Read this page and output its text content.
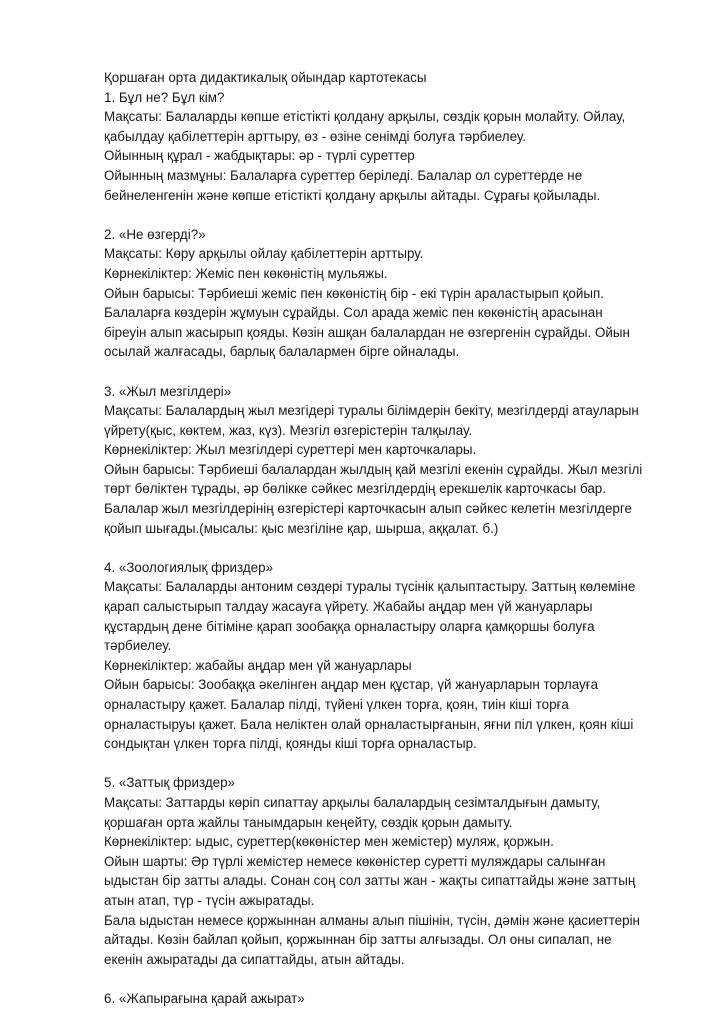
Қоршаған орта дидактикалық ойындар картотекасы
1. Бұл не? Бұл кім?
Мақсаты: Балаларды көпше етістікті қолдану арқылы, сөздік қорын молайту. Ойлау,
қабылдау қабілеттерін арттыру, өз - өзіне сенімді болуға тәрбиелеу.
Ойынның құрал - жабдықтары: әр - түрлі суреттер
Ойынның мазмұны: Балаларға суреттер беріледі. Балалар ол суреттерде не
бейнеленгенін және көпше етістікті қолдану арқылы айтады. Сұрағы қойылады.
2. «Не өзгерді?»
Мақсаты: Көру арқылы ойлау қабілеттерін арттыру.
Көрнекіліктер: Жеміс пен көкөністің мульяжы.
Ойын барысы: Тәрбиеші жеміс пен көкөністің бір - екі түрін араластырып қойып.
Балаларға көздерін жұмуын сұрайды. Сол арада жеміс пен көкөністің арасынан
біреуін алып жасырып қояды. Көзін ашқан балалардан не өзгергенін сұрайды. Ойын
осылай жалғасады, барлық балалармен бірге ойналады.
3. «Жыл мезгілдері»
Мақсаты: Балалардың жыл мезгідері туралы білімдерін бекіту, мезгілдерді атауларын
үйрету(қыс, көктем, жаз, күз). Мезгіл өзгерістерін талқылау.
Көрнекіліктер: Жыл мезгілдері суреттері мен карточкалары.
Ойын барысы: Тәрбиеші балалардан жылдың қай мезгілі екенін сұрайды. Жыл мезгілі
төрт бөліктен тұрады, әр бөлікке сәйкес мезгілдердің ерекшелік карточкасы бар.
Балалар жыл мезгілдерінің өзгерістері карточкасын алып сәйкес келетін мезгілдерге
қойып шығады.(мысалы: қыс мезгіліне қар, шырша, аққалат. б.)
4. «Зоологиялық фриздер»
Мақсаты: Балаларды антоним сөздері туралы түсінік қалыптастыру. Заттың көлеміне
қарап салыстырып талдау жасауға үйрету. Жабайы аңдар мен үй жануарлары
құстардың дене бітіміне қарап зообаққа орналастыру оларға қамқоршы болуға
тәрбиелеу.
Көрнекіліктер: жабайы аңдар мен үй жануарлары
Ойын барысы: Зообаққа әкелінген аңдар мен құстар, үй жануарларын торлауға
орналастыру қажет. Балалар пілді, түйені үлкен торға, қоян, тиін кіші торға
орналастыруы қажет. Бала неліктен олай орналастырғанын, яғни піл үлкен, қоян кіші
сондықтан үлкен торға пілді, қоянды кіші торға орналастыр.
5. «Заттық фриздер»
Мақсаты: Заттарды көріп сипаттау арқылы балалардың сезімталдығын дамыту,
қоршаған орта жайлы танымдарын кеңейту, сөздік қорын дамыту.
Көрнекіліктер: ыдыс, суреттер(көкөністер мен жемістер) муляж, қоржын.
Ойын шарты: Әр түрлі жемістер немесе көкөністер суретті муляждары салынған
ыдыстан бір затты алады. Сонан соң сол затты жан - жақты сипаттайды және заттың
атын атап, түр - түсін ажыратады.
Бала ыдыстан немесе қоржыннан алманы алып пішінін, түсін, дәмін және қасиеттерін
айтады. Көзін байлап қойып, қоржыннан бір затты алғызады. Ол оны сипалап, не
екенін ажыратады да сипаттайды, атын айтады.
6. «Жапырағына қарай ажырат»
